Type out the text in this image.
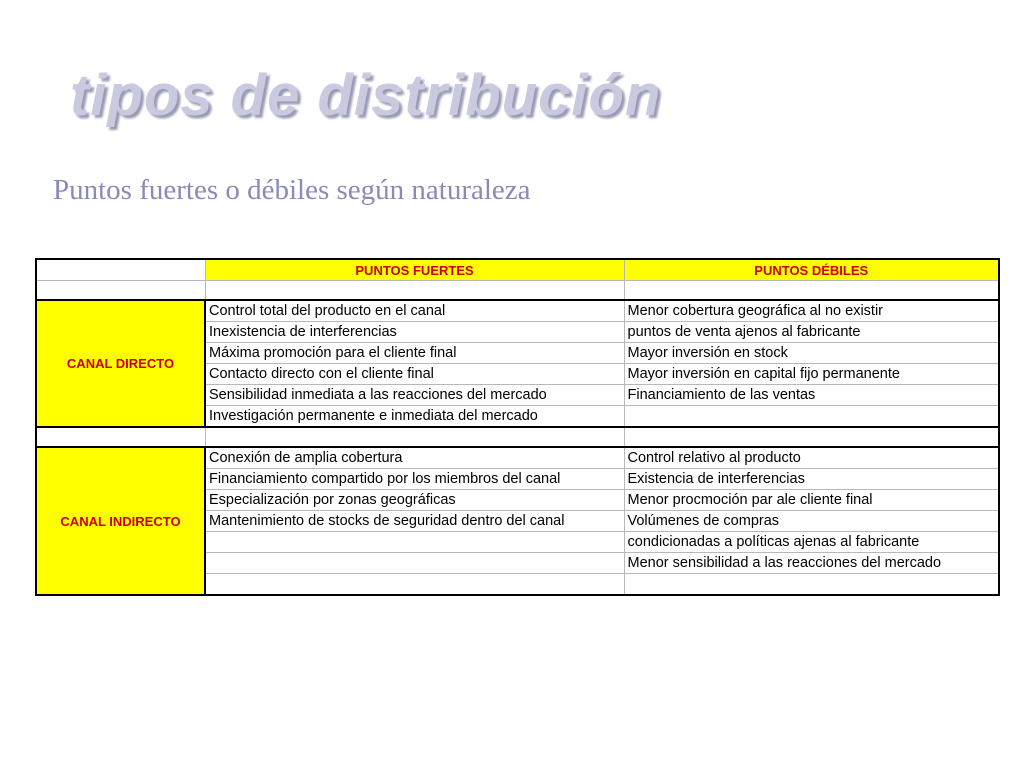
tipos de distribución
Puntos fuertes o débiles según naturaleza
	PUNTOS FUERTES	PUNTOS DÉBILES

CANAL DIRECTO	Control total del producto en el canal	Menor cobertura geográfica al no existir
	Inexistencia de interferencias	puntos de venta ajenos al fabricante
	Máxima promoción para el cliente final	Mayor inversión en stock
	Contacto directo con el cliente final	Mayor inversión en capital fijo permanente
	Sensibilidad inmediata a las reacciones del mercado	Financiamiento de las ventas
	Investigación permanente e inmediata del mercado	

CANAL INDIRECTO	Conexión de amplia cobertura	Control relativo al producto
	Financiamiento compartido por los miembros del canal	Existencia de interferencias
	Especialización por zonas geográficas	Menor procmoción par ale cliente final
	Mantenimiento de stocks de seguridad dentro del canal	Volúmenes de compras
		condicionadas a políticas ajenas al fabricante
		Menor sensibilidad a las reacciones del mercado
